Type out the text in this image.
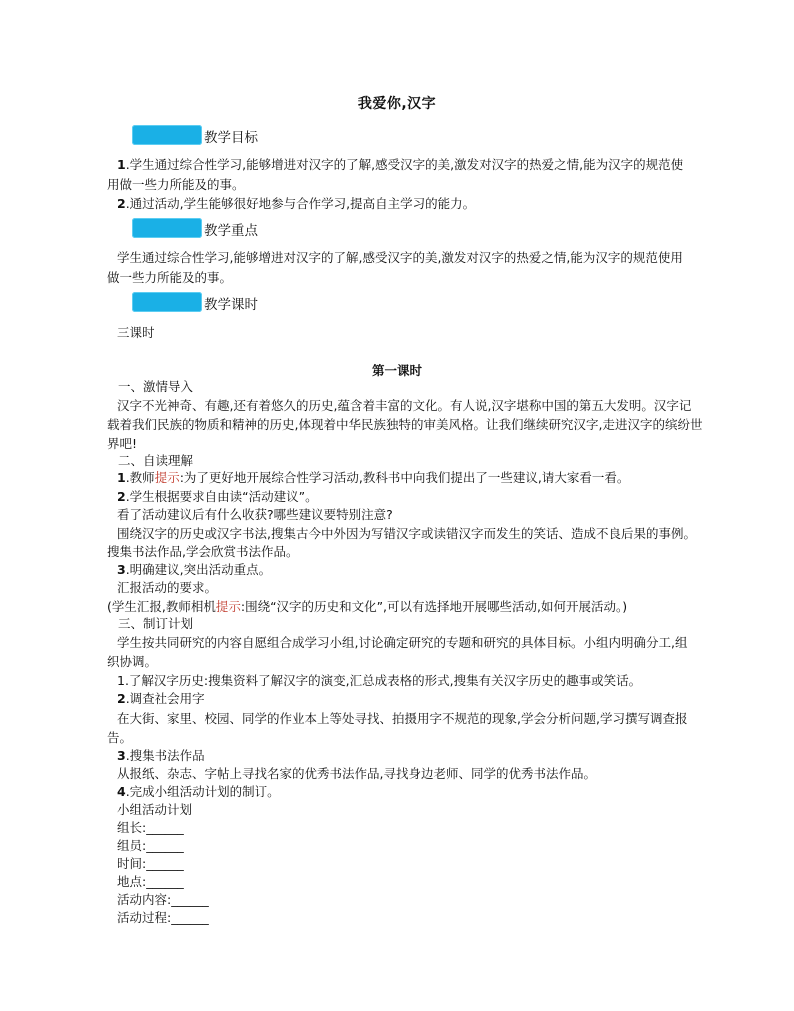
我爱你,汉字
教学目标
1.学生通过综合性学习,能够增进对汉字的了解,感受汉字的美,激发对汉字的热爱之情,能为汉字的规范使
用做一些力所能及的事。
2.通过活动,学生能够很好地参与合作学习,提高自主学习的能力。
教学重点
学生通过综合性学习,能够增进对汉字的了解,感受汉字的美,激发对汉字的热爱之情,能为汉字的规范使用
做一些力所能及的事。
教学课时
三课时
第一课时
一、激情导入
汉字不光神奇、有趣,还有着悠久的历史,蕴含着丰富的文化。有人说,汉字堪称中国的第五大发明。汉字记
载着我们民族的物质和精神的历史,体现着中华民族独特的审美风格。让我们继续研究汉字,走进汉字的缤纷世
界吧!
二、自读理解
1.教师提示:为了更好地开展综合性学习活动,教科书中向我们提出了一些建议,请大家看一看。
2.学生根据要求自由读“活动建议”。
看了活动建议后有什么收获?哪些建议要特别注意?
围绕汉字的历史或汉字书法,搜集古今中外因为写错汉字或读错汉字而发生的笑话、造成不良后果的事例。
搜集书法作品,学会欣赏书法作品。
3.明确建议,突出活动重点。
汇报活动的要求。
(学生汇报,教师相机提示:围绕“汉字的历史和文化”,可以有选择地开展哪些活动,如何开展活动。)
三、制订计划
学生按共同研究的内容自愿组合成学习小组,讨论确定研究的专题和研究的具体目标。小组内明确分工,组
织协调。
1.了解汉字历史:搜集资料了解汉字的演变,汇总成表格的形式,搜集有关汉字历史的趣事或笑话。
2.调查社会用字
在大街、家里、校园、同学的作业本上等处寻找、拍摄用字不规范的现象,学会分析问题,学习撰写调查报
告。
3.搜集书法作品
从报纸、杂志、字帖上寻找名家的优秀书法作品,寻找身边老师、同学的优秀书法作品。
4.完成小组活动计划的制订。
小组活动计划
组长:______
组员:______
时间:______
地点:______
活动内容:______
活动过程:______
